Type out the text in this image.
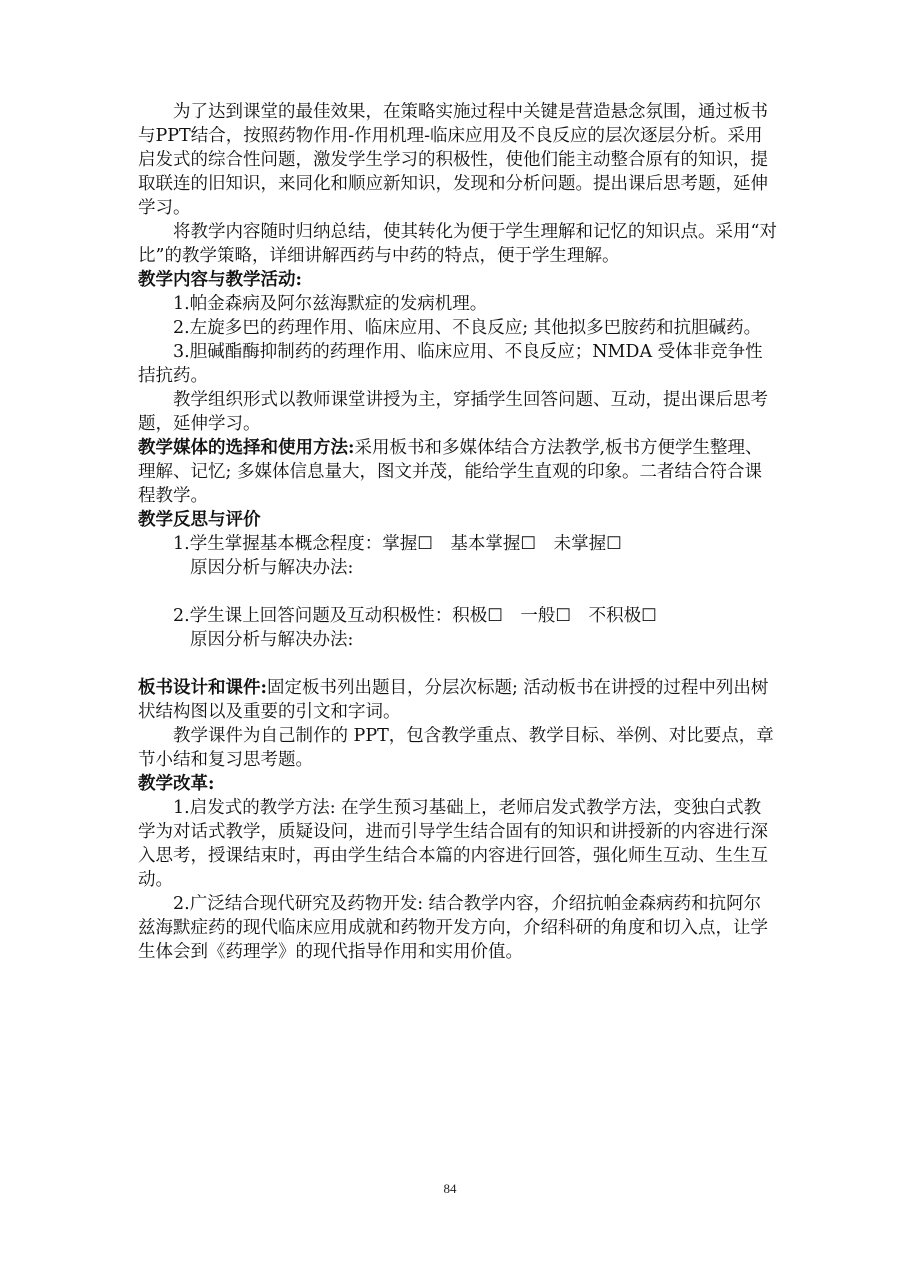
为了达到课堂的最佳效果，在策略实施过程中关键是营造悬念氛围，通过板书与PPT结合，按照药物作用-作用机理-临床应用及不良反应的层次逐层分析。采用启发式的综合性问题，激发学生学习的积极性，使他们能主动整合原有的知识，提取联连的旧知识，来同化和顺应新知识，发现和分析问题。提出课后思考题，延伸学习。

将教学内容随时归纳总结，使其转化为便于学生理解和记忆的知识点。采用“对比”的教学策略，详细讲解西药与中药的特点，便于学生理解。

教学内容与教学活动:

1.帕金森病及阿尔兹海默症的发病机理。

2.左旋多巴的药理作用、临床应用、不良反应; 其他拟多巴胺药和抗胆碱药。

3.胆碱酯酶抑制药的药理作用、临床应用、不良反应；NMDA 受体非竞争性拮抗药。

教学组织形式以教师课堂讲授为主，穿插学生回答问题、互动，提出课后思考题，延伸学习。

教学媒体的选择和使用方法:采用板书和多媒体结合方法教学,板书方便学生整理、理解、记忆; 多媒体信息量大，图文并茂，能给学生直观的印象。二者结合符合课程教学。

教学反思与评价

1.学生掌握基本概念程度：掌握☐　基本掌握☐　未掌握☐

原因分析与解决办法:

2.学生课上回答问题及互动积极性：积极☐　一般☐　不积极☐

原因分析与解决办法:

板书设计和课件:固定板书列出题目，分层次标题; 活动板书在讲授的过程中列出树状结构图以及重要的引文和字词。

教学课件为自己制作的 PPT，包含教学重点、教学目标、举例、对比要点，章节小结和复习思考题。

教学改革:

1.启发式的教学方法: 在学生预习基础上，老师启发式教学方法，变独白式教学为对话式教学，质疑设问，进而引导学生结合固有的知识和讲授新的内容进行深入思考，授课结束时，再由学生结合本篇的内容进行回答，强化师生互动、生生互动。

2.广泛结合现代研究及药物开发: 结合教学内容，介绍抗帕金森病药和抗阿尔兹海默症药的现代临床应用成就和药物开发方向，介绍科研的角度和切入点，让学生体会到《药理学》的现代指导作用和实用价值。

84
